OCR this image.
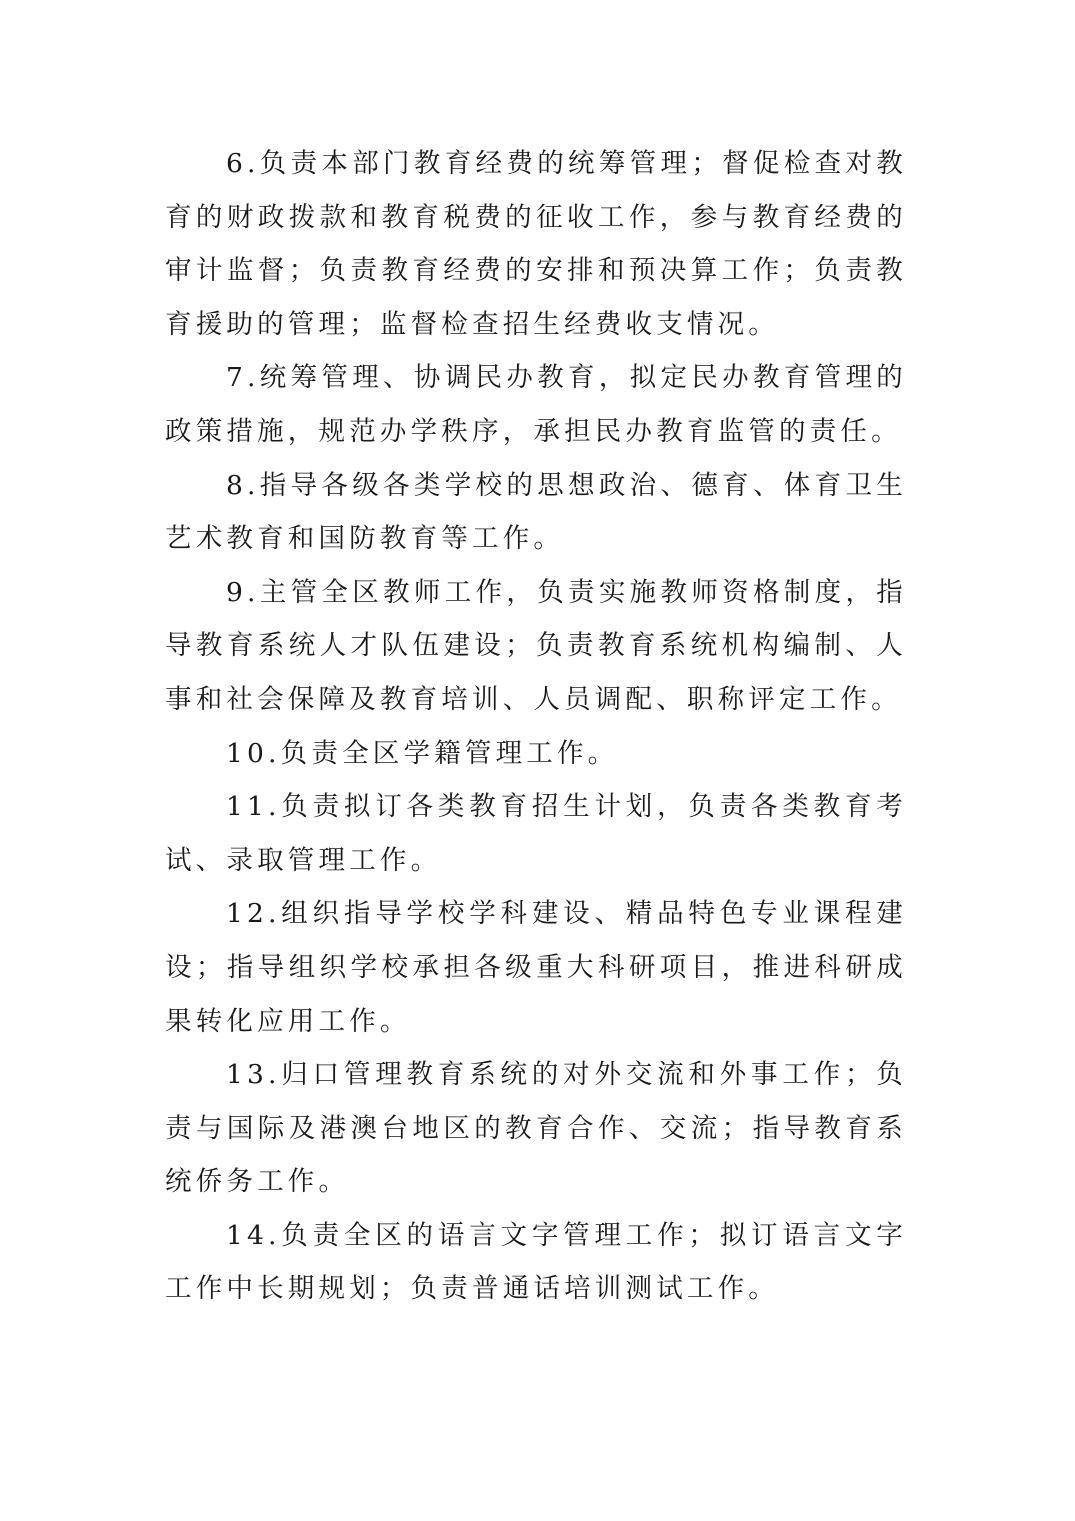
6.负责本部门教育经费的统筹管理；督促检查对教育的财政拨款和教育税费的征收工作，参与教育经费的审计监督；负责教育经费的安排和预决算工作；负责教育援助的管理；监督检查招生经费收支情况。

7.统筹管理、协调民办教育，拟定民办教育管理的政策措施，规范办学秩序，承担民办教育监管的责任。

8.指导各级各类学校的思想政治、德育、体育卫生艺术教育和国防教育等工作。

9.主管全区教师工作，负责实施教师资格制度，指导教育系统人才队伍建设；负责教育系统机构编制、人事和社会保障及教育培训、人员调配、职称评定工作。

10.负责全区学籍管理工作。

11.负责拟订各类教育招生计划，负责各类教育考试、录取管理工作。

12.组织指导学校学科建设、精品特色专业课程建设；指导组织学校承担各级重大科研项目，推进科研成果转化应用工作。

13.归口管理教育系统的对外交流和外事工作；负责与国际及港澳台地区的教育合作、交流；指导教育系统侨务工作。

14.负责全区的语言文字管理工作；拟订语言文字工作中长期规划；负责普通话培训测试工作。
